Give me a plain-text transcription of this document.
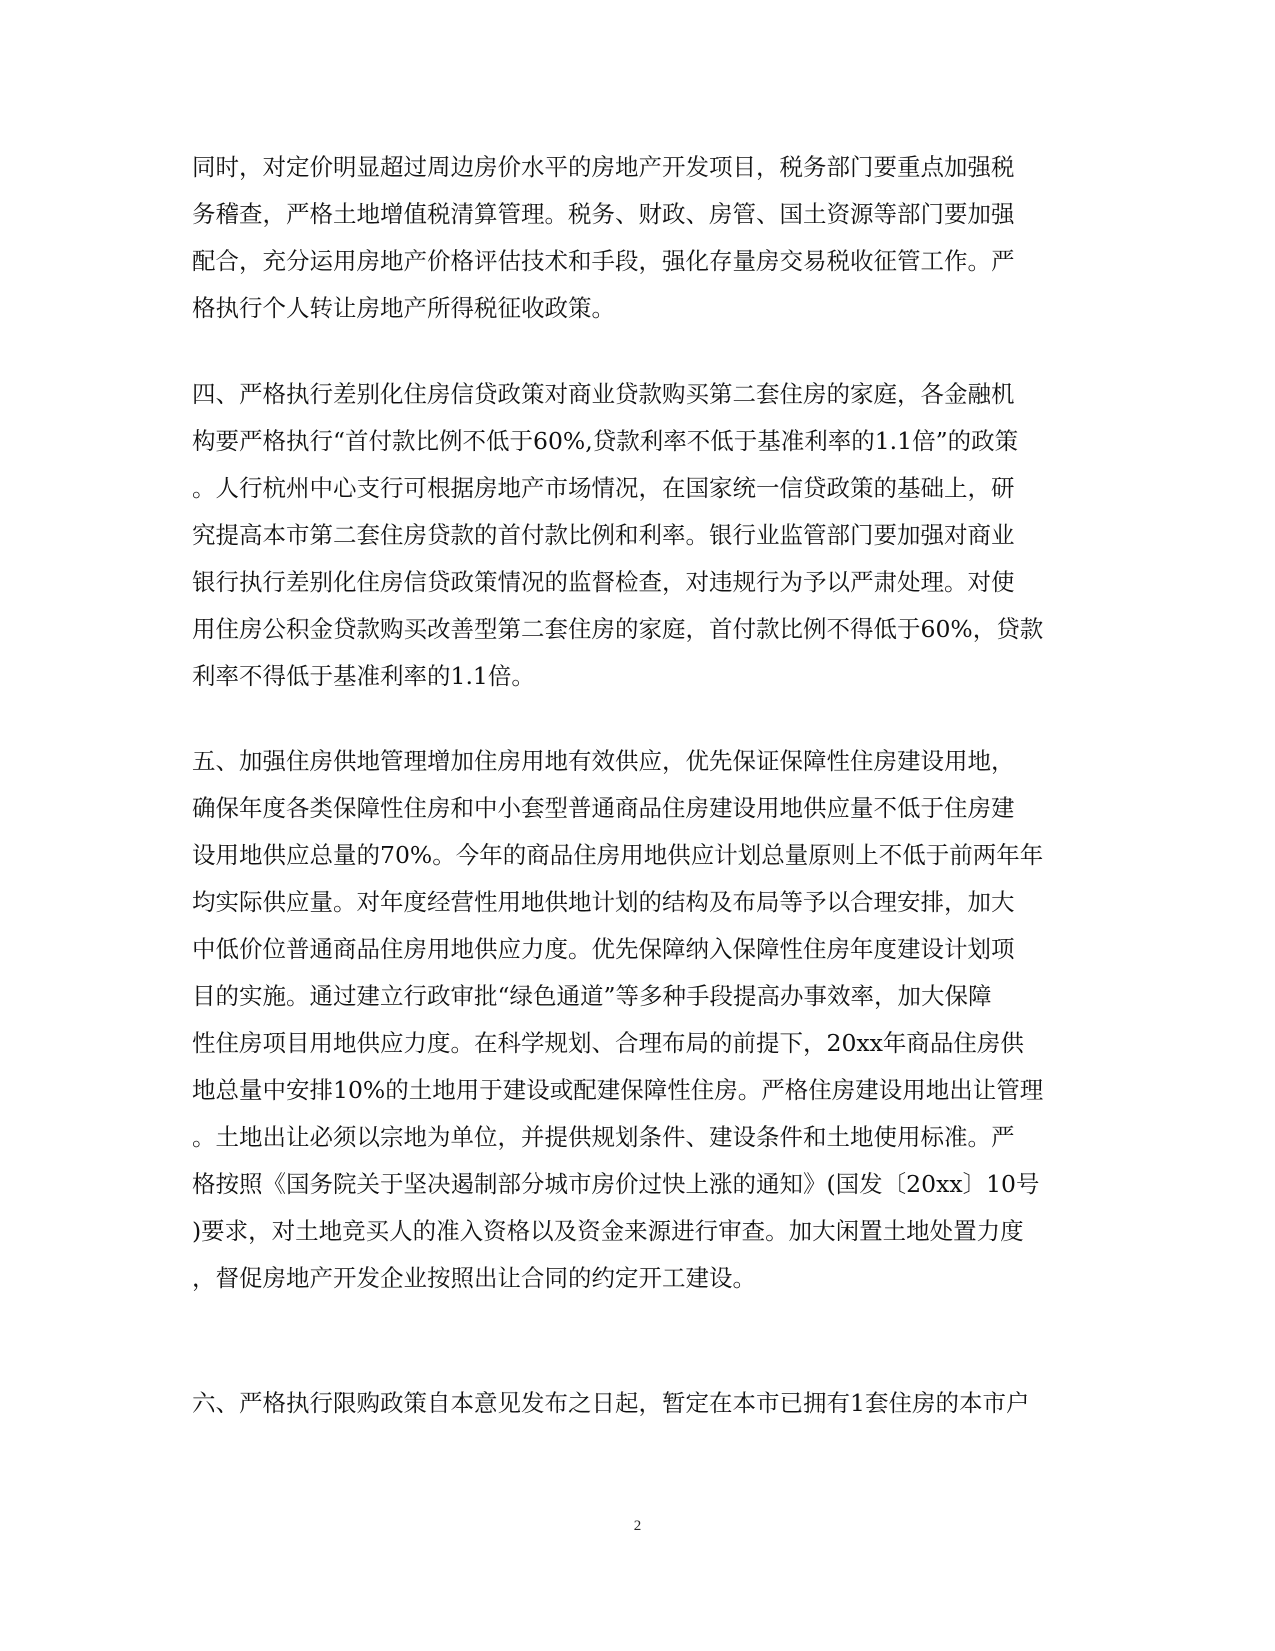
同时，对定价明显超过周边房价水平的房地产开发项目，税务部门要重点加强税
务稽查，严格土地增值税清算管理。税务、财政、房管、国土资源等部门要加强
配合，充分运用房地产价格评估技术和手段，强化存量房交易税收征管工作。严
格执行个人转让房地产所得税征收政策。
四、严格执行差别化住房信贷政策对商业贷款购买第二套住房的家庭，各金融机
构要严格执行“首付款比例不低于60%,贷款利率不低于基准利率的1.1倍”的政策
。人行杭州中心支行可根据房地产市场情况，在国家统一信贷政策的基础上，研
究提高本市第二套住房贷款的首付款比例和利率。银行业监管部门要加强对商业
银行执行差别化住房信贷政策情况的监督检查，对违规行为予以严肃处理。对使
用住房公积金贷款购买改善型第二套住房的家庭，首付款比例不得低于60%，贷款
利率不得低于基准利率的1.1倍。
五、加强住房供地管理增加住房用地有效供应，优先保证保障性住房建设用地，
确保年度各类保障性住房和中小套型普通商品住房建设用地供应量不低于住房建
设用地供应总量的70%。今年的商品住房用地供应计划总量原则上不低于前两年年
均实际供应量。对年度经营性用地供地计划的结构及布局等予以合理安排，加大
中低价位普通商品住房用地供应力度。优先保障纳入保障性住房年度建设计划项
目的实施。通过建立行政审批“绿色通道”等多种手段提高办事效率，加大保障
性住房项目用地供应力度。在科学规划、合理布局的前提下，20xx年商品住房供
地总量中安排10%的土地用于建设或配建保障性住房。严格住房建设用地出让管理
。土地出让必须以宗地为单位，并提供规划条件、建设条件和土地使用标准。严
格按照《国务院关于坚决遏制部分城市房价过快上涨的通知》(国发〔20xx〕10号
)要求，对土地竞买人的准入资格以及资金来源进行审查。加大闲置土地处置力度
，督促房地产开发企业按照出让合同的约定开工建设。
六、严格执行限购政策自本意见发布之日起，暂定在本市已拥有1套住房的本市户
2
